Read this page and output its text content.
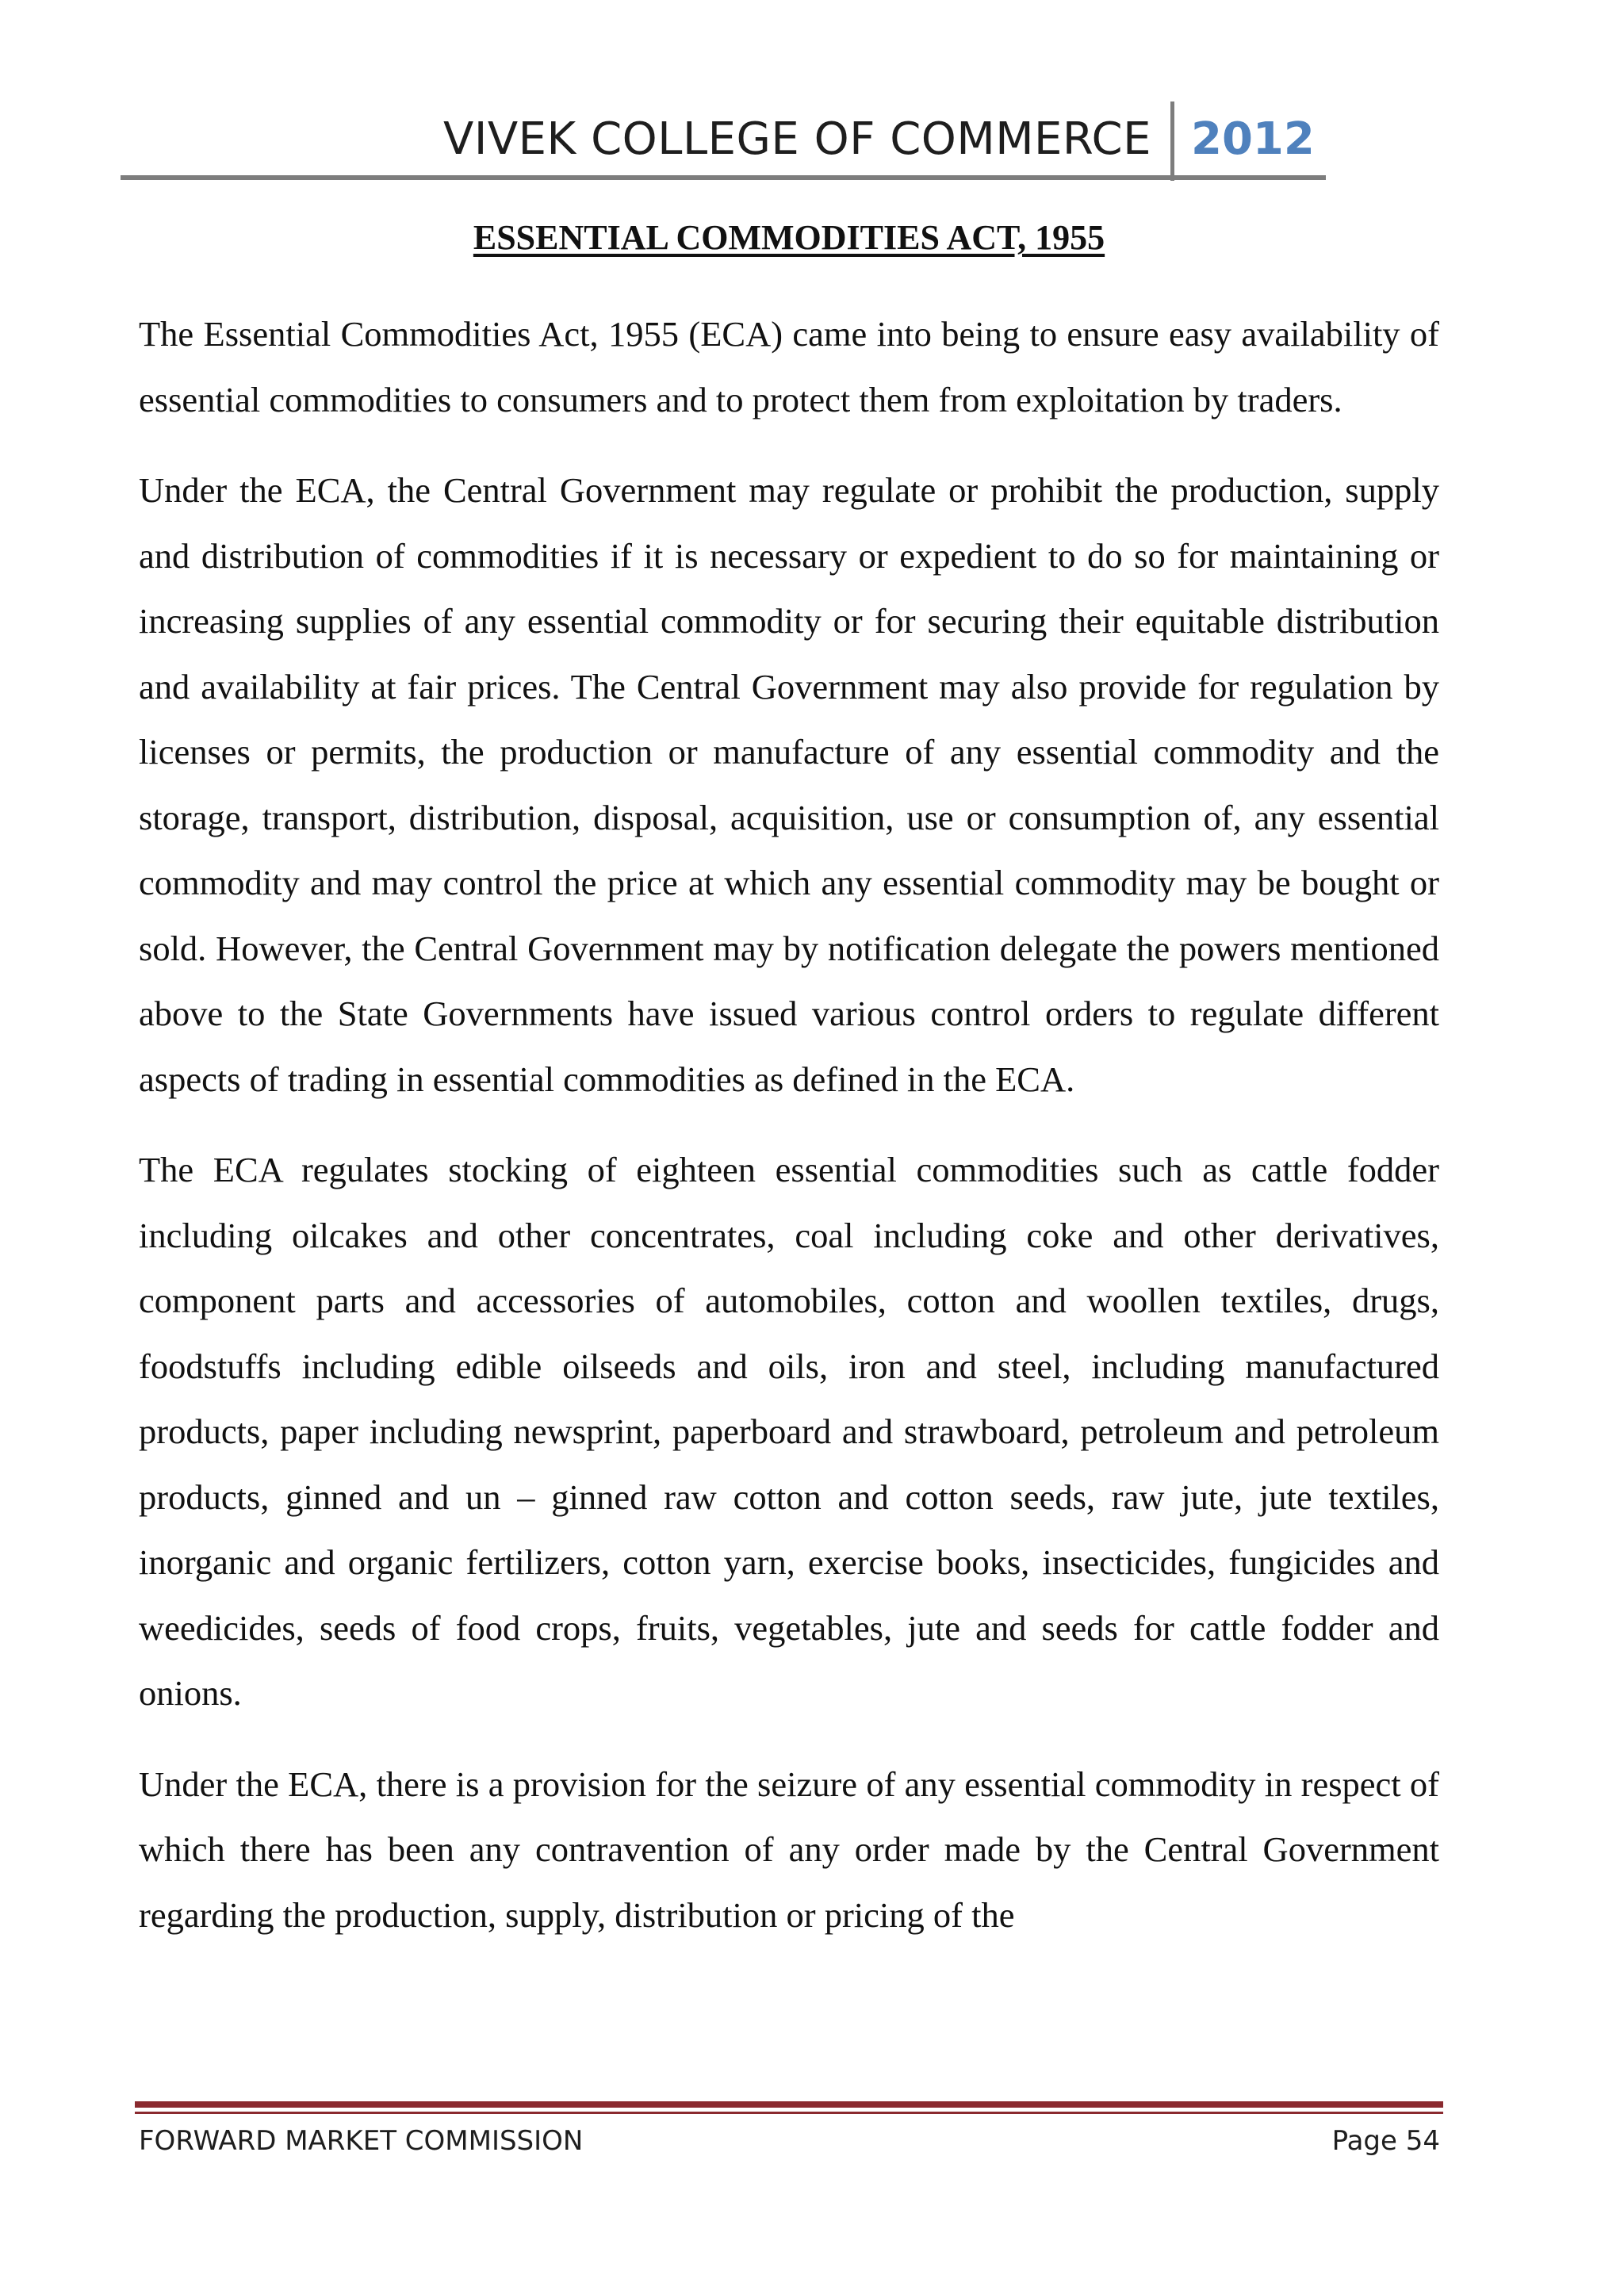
VIVEK COLLEGE OF COMMERCE 2012
ESSENTIAL COMMODITIES ACT, 1955

The Essential Commodities Act, 1955 (ECA) came into being to ensure easy availability of essential commodities to consumers and to protect them from exploitation by traders.

Under the ECA, the Central Government may regulate or prohibit the production, supply and distribution of commodities if it is necessary or expedient to do so for maintaining or increasing supplies of any essential commodity or for securing their equitable distribution and availability at fair prices. The Central Government may also provide for regulation by licenses or permits, the production or manufacture of any essential commodity and the storage, transport, distribution, disposal, acquisition, use or consumption of, any essential commodity and may control the price at which any essential commodity may be bought or sold. However, the Central Government may by notification delegate the powers mentioned above to the State Governments have issued various control orders to regulate different aspects of trading in essential commodities as defined in the ECA.

The ECA regulates stocking of eighteen essential commodities such as cattle fodder including oilcakes and other concentrates, coal including coke and other derivatives, component parts and accessories of automobiles, cotton and woollen textiles, drugs, foodstuffs including edible oilseeds and oils, iron and steel, including manufactured products, paper including newsprint, paperboard and strawboard, petroleum and petroleum products, ginned and un – ginned raw cotton and cotton seeds, raw jute, jute textiles, inorganic and organic fertilizers, cotton yarn, exercise books, insecticides, fungicides and weedicides, seeds of food crops, fruits, vegetables, jute and seeds for cattle fodder and onions.

Under the ECA, there is a provision for the seizure of any essential commodity in respect of which there has been any contravention of any order made by the Central Government regarding the production, supply, distribution or pricing of the

FORWARD MARKET COMMISSION	Page 54
